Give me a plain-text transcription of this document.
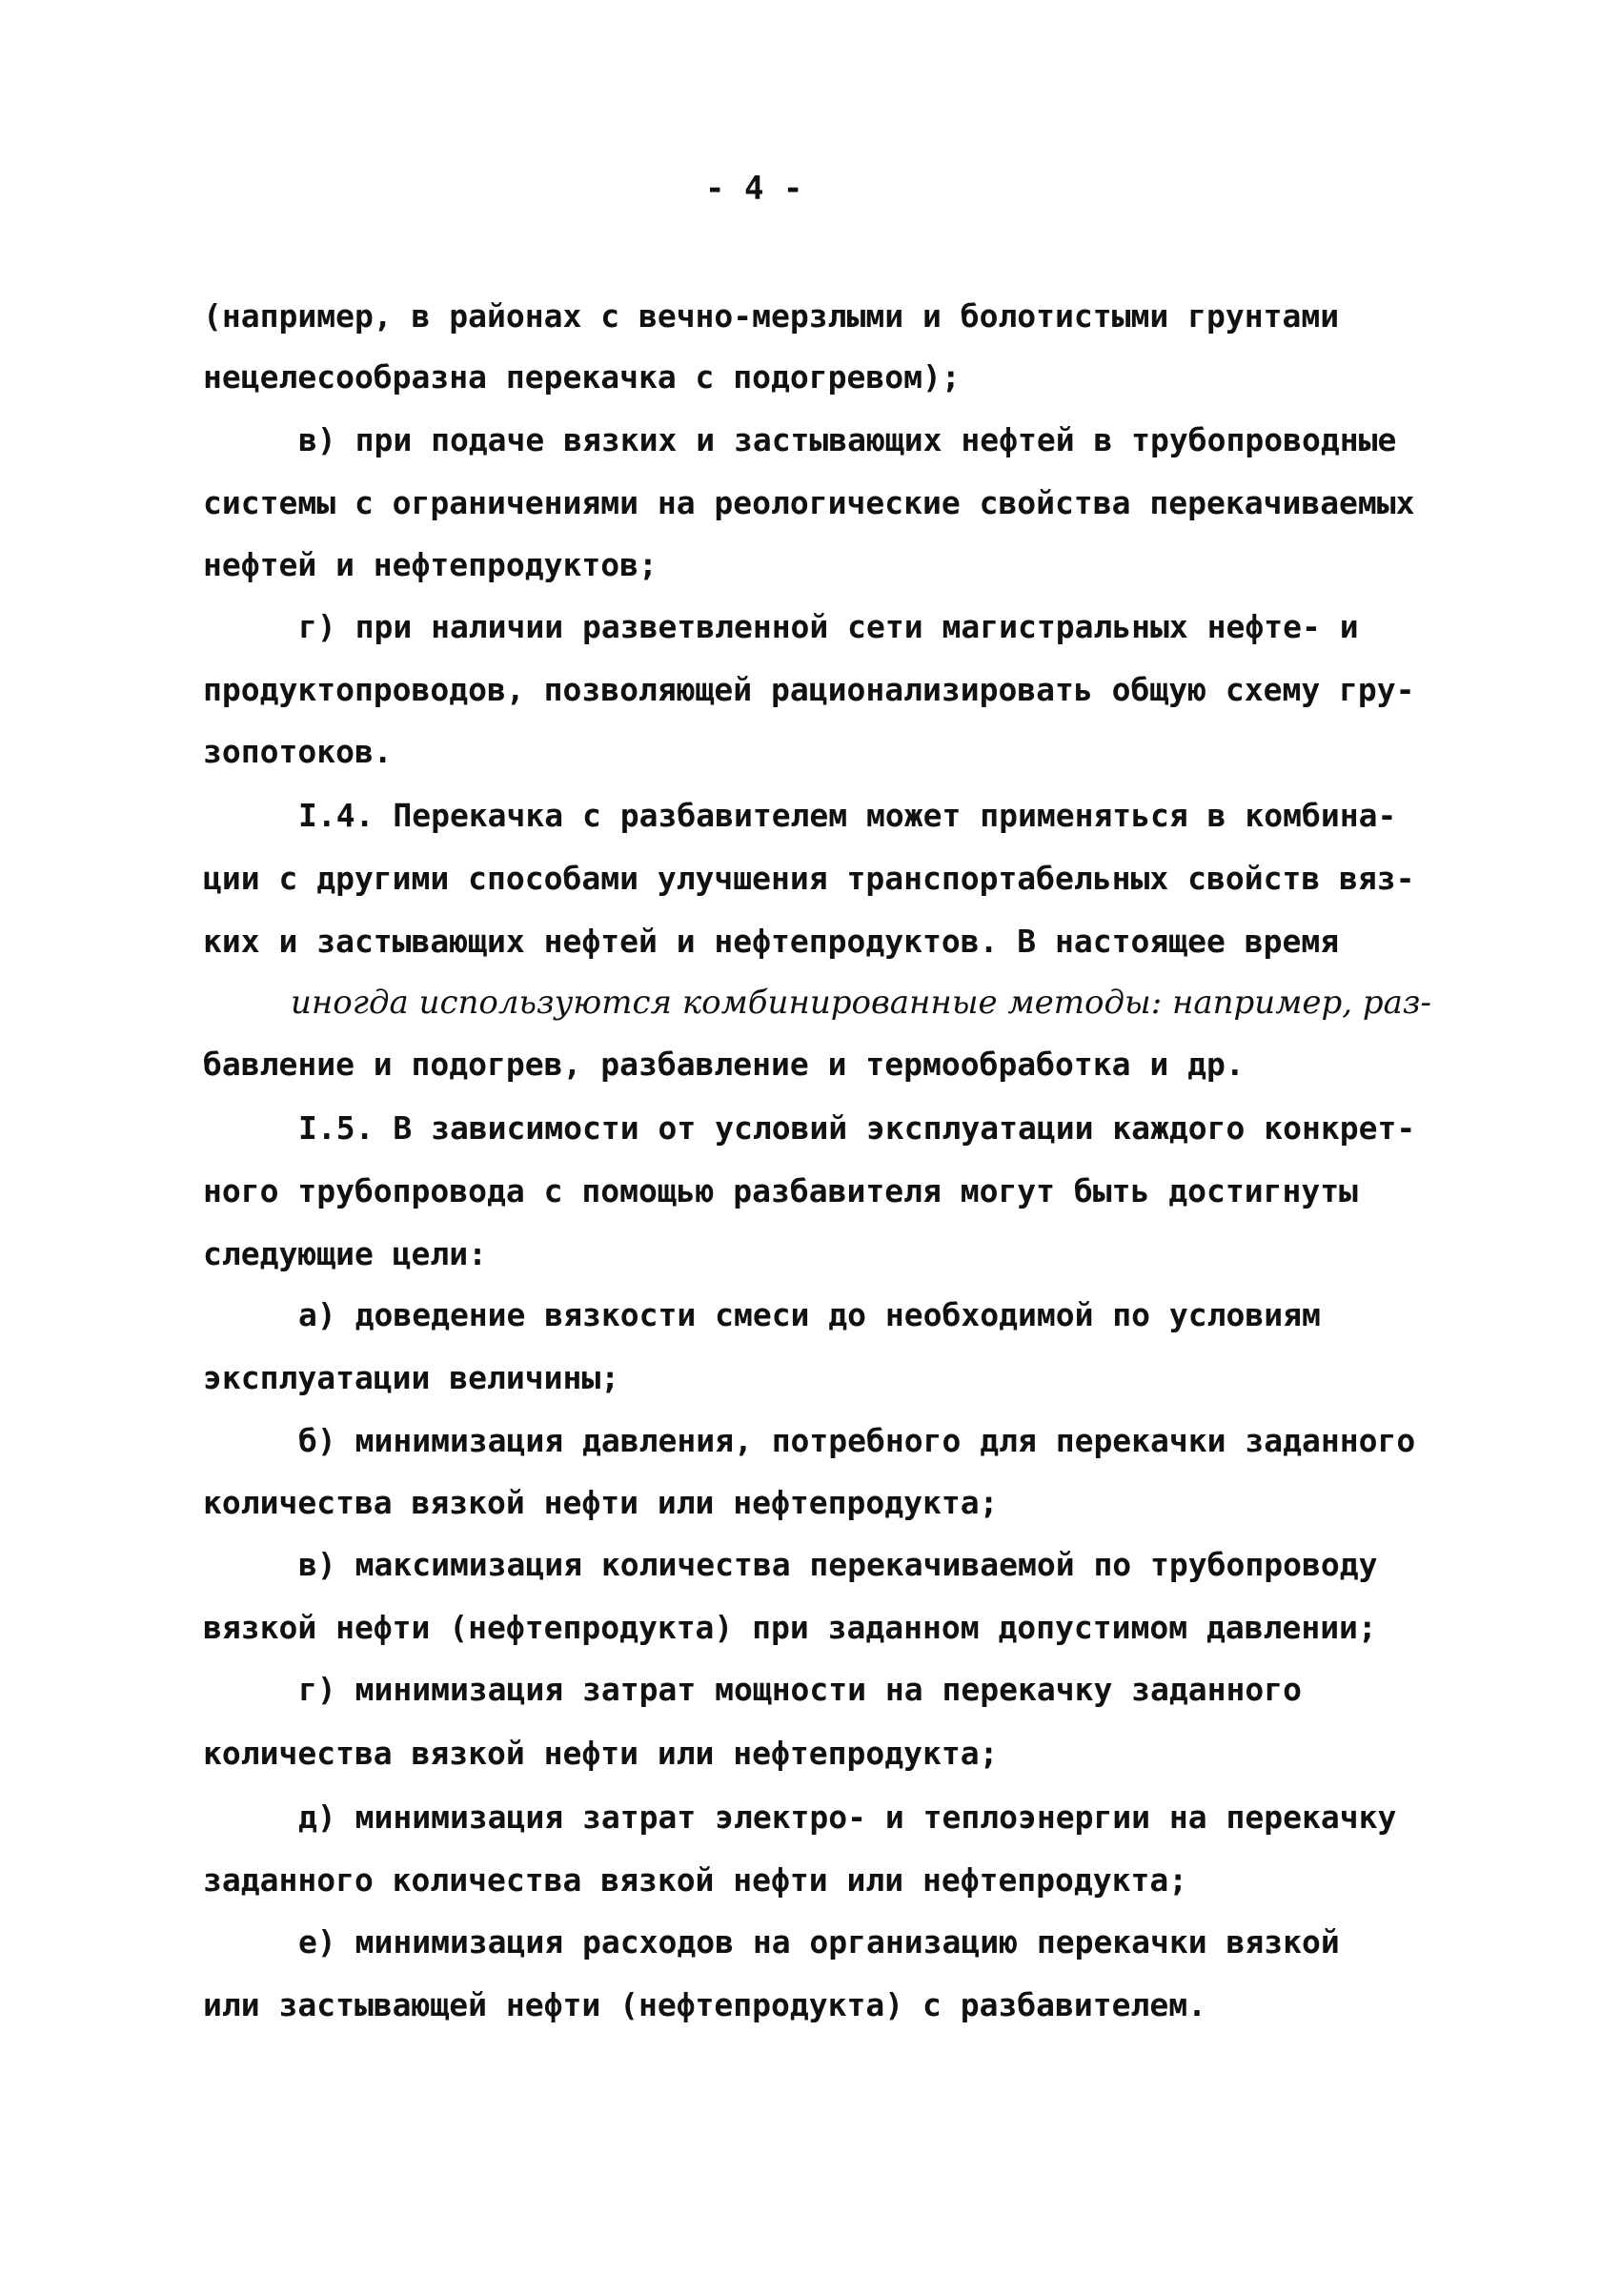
- 4 -
(например, в районах с вечно-мерзлыми и болотистыми грунтами
нецелесообразна перекачка с подогревом);
в) при подаче вязких и застывающих нефтей в трубопроводные
системы с ограничениями на реологические свойства перекачиваемых
нефтей и нефтепродуктов;
г) при наличии разветвленной сети магистральных нефте- и
продуктопроводов, позволяющей рационализировать общую схему гру-
зопотоков.
I.4. Перекачка с разбавителем может применяться в комбина-
ции с другими способами улучшения транспортабельных свойств вяз-
ких и застывающих нефтей и нефтепродуктов. В настоящее время
иногда используются комбинированные методы: например, раз-
бавление и подогрев, разбавление и термообработка и др.
I.5. В зависимости от условий эксплуатации каждого конкрет-
ного трубопровода с помощью разбавителя могут быть достигнуты
следующие цели:
а) доведение вязкости смеси до необходимой по условиям
эксплуатации величины;
б) минимизация давления, потребного для перекачки заданного
количества вязкой нефти или нефтепродукта;
в) максимизация количества перекачиваемой по трубопроводу
вязкой нефти (нефтепродукта) при заданном допустимом давлении;
г) минимизация затрат мощности на перекачку заданного
количества вязкой нефти или нефтепродукта;
д) минимизация затрат электро- и теплоэнергии на перекачку
заданного количества вязкой нефти или нефтепродукта;
е) минимизация расходов на организацию перекачки вязкой
или застывающей нефти (нефтепродукта) с разбавителем.
